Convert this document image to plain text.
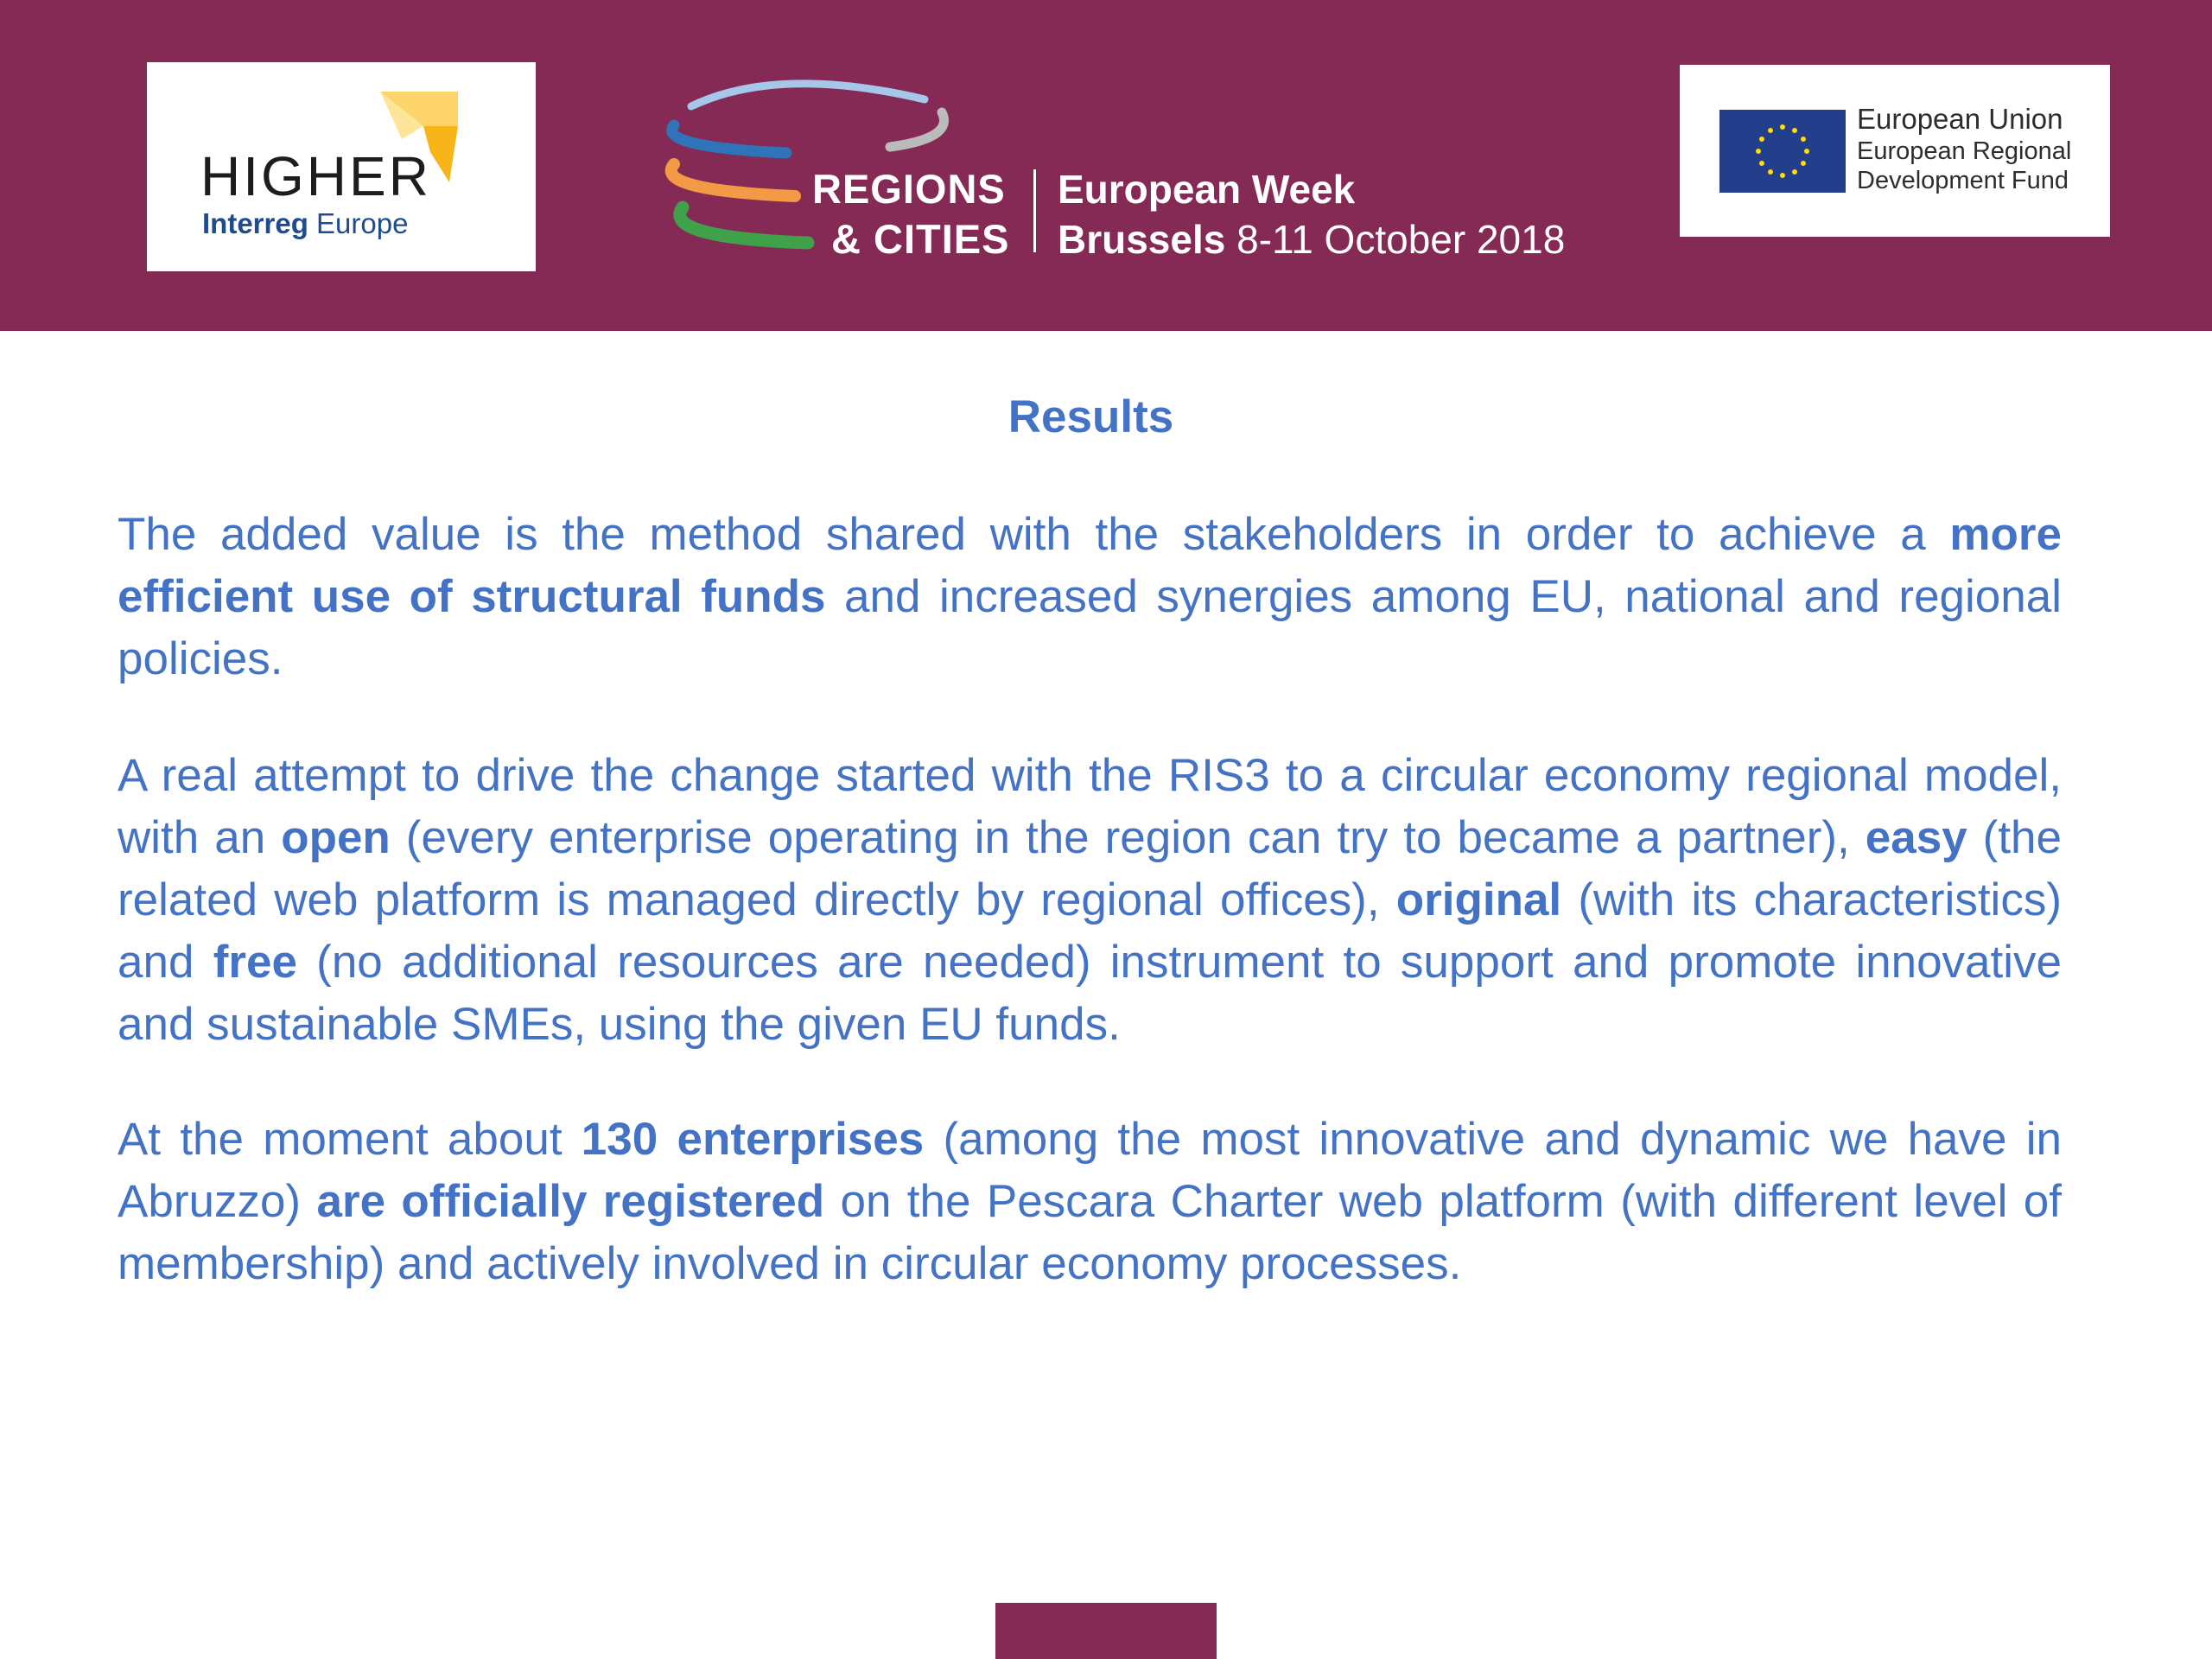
HIGHER
Interreg Europe
REGIONS
& CITIES
European Week
Brussels 8-11 October 2018
European Union
European Regional
Development Fund
Results

The added value is the method shared with the stakeholders in order to achieve a more efficient use of structural funds and increased synergies among EU, national and regional policies.

A real attempt to drive the change started with the RIS3 to a circular economy regional model, with an open (every enterprise operating in the region can try to became a partner), easy (the related web platform is managed directly by regional offices), original (with its characteristics) and free (no additional resources are needed) instrument to support and promote innovative and sustainable SMEs, using the given EU funds.

At the moment about 130 enterprises (among the most innovative and dynamic we have in Abruzzo) are officially registered on the Pescara Charter web platform (with different level of membership) and actively involved in circular economy processes.
